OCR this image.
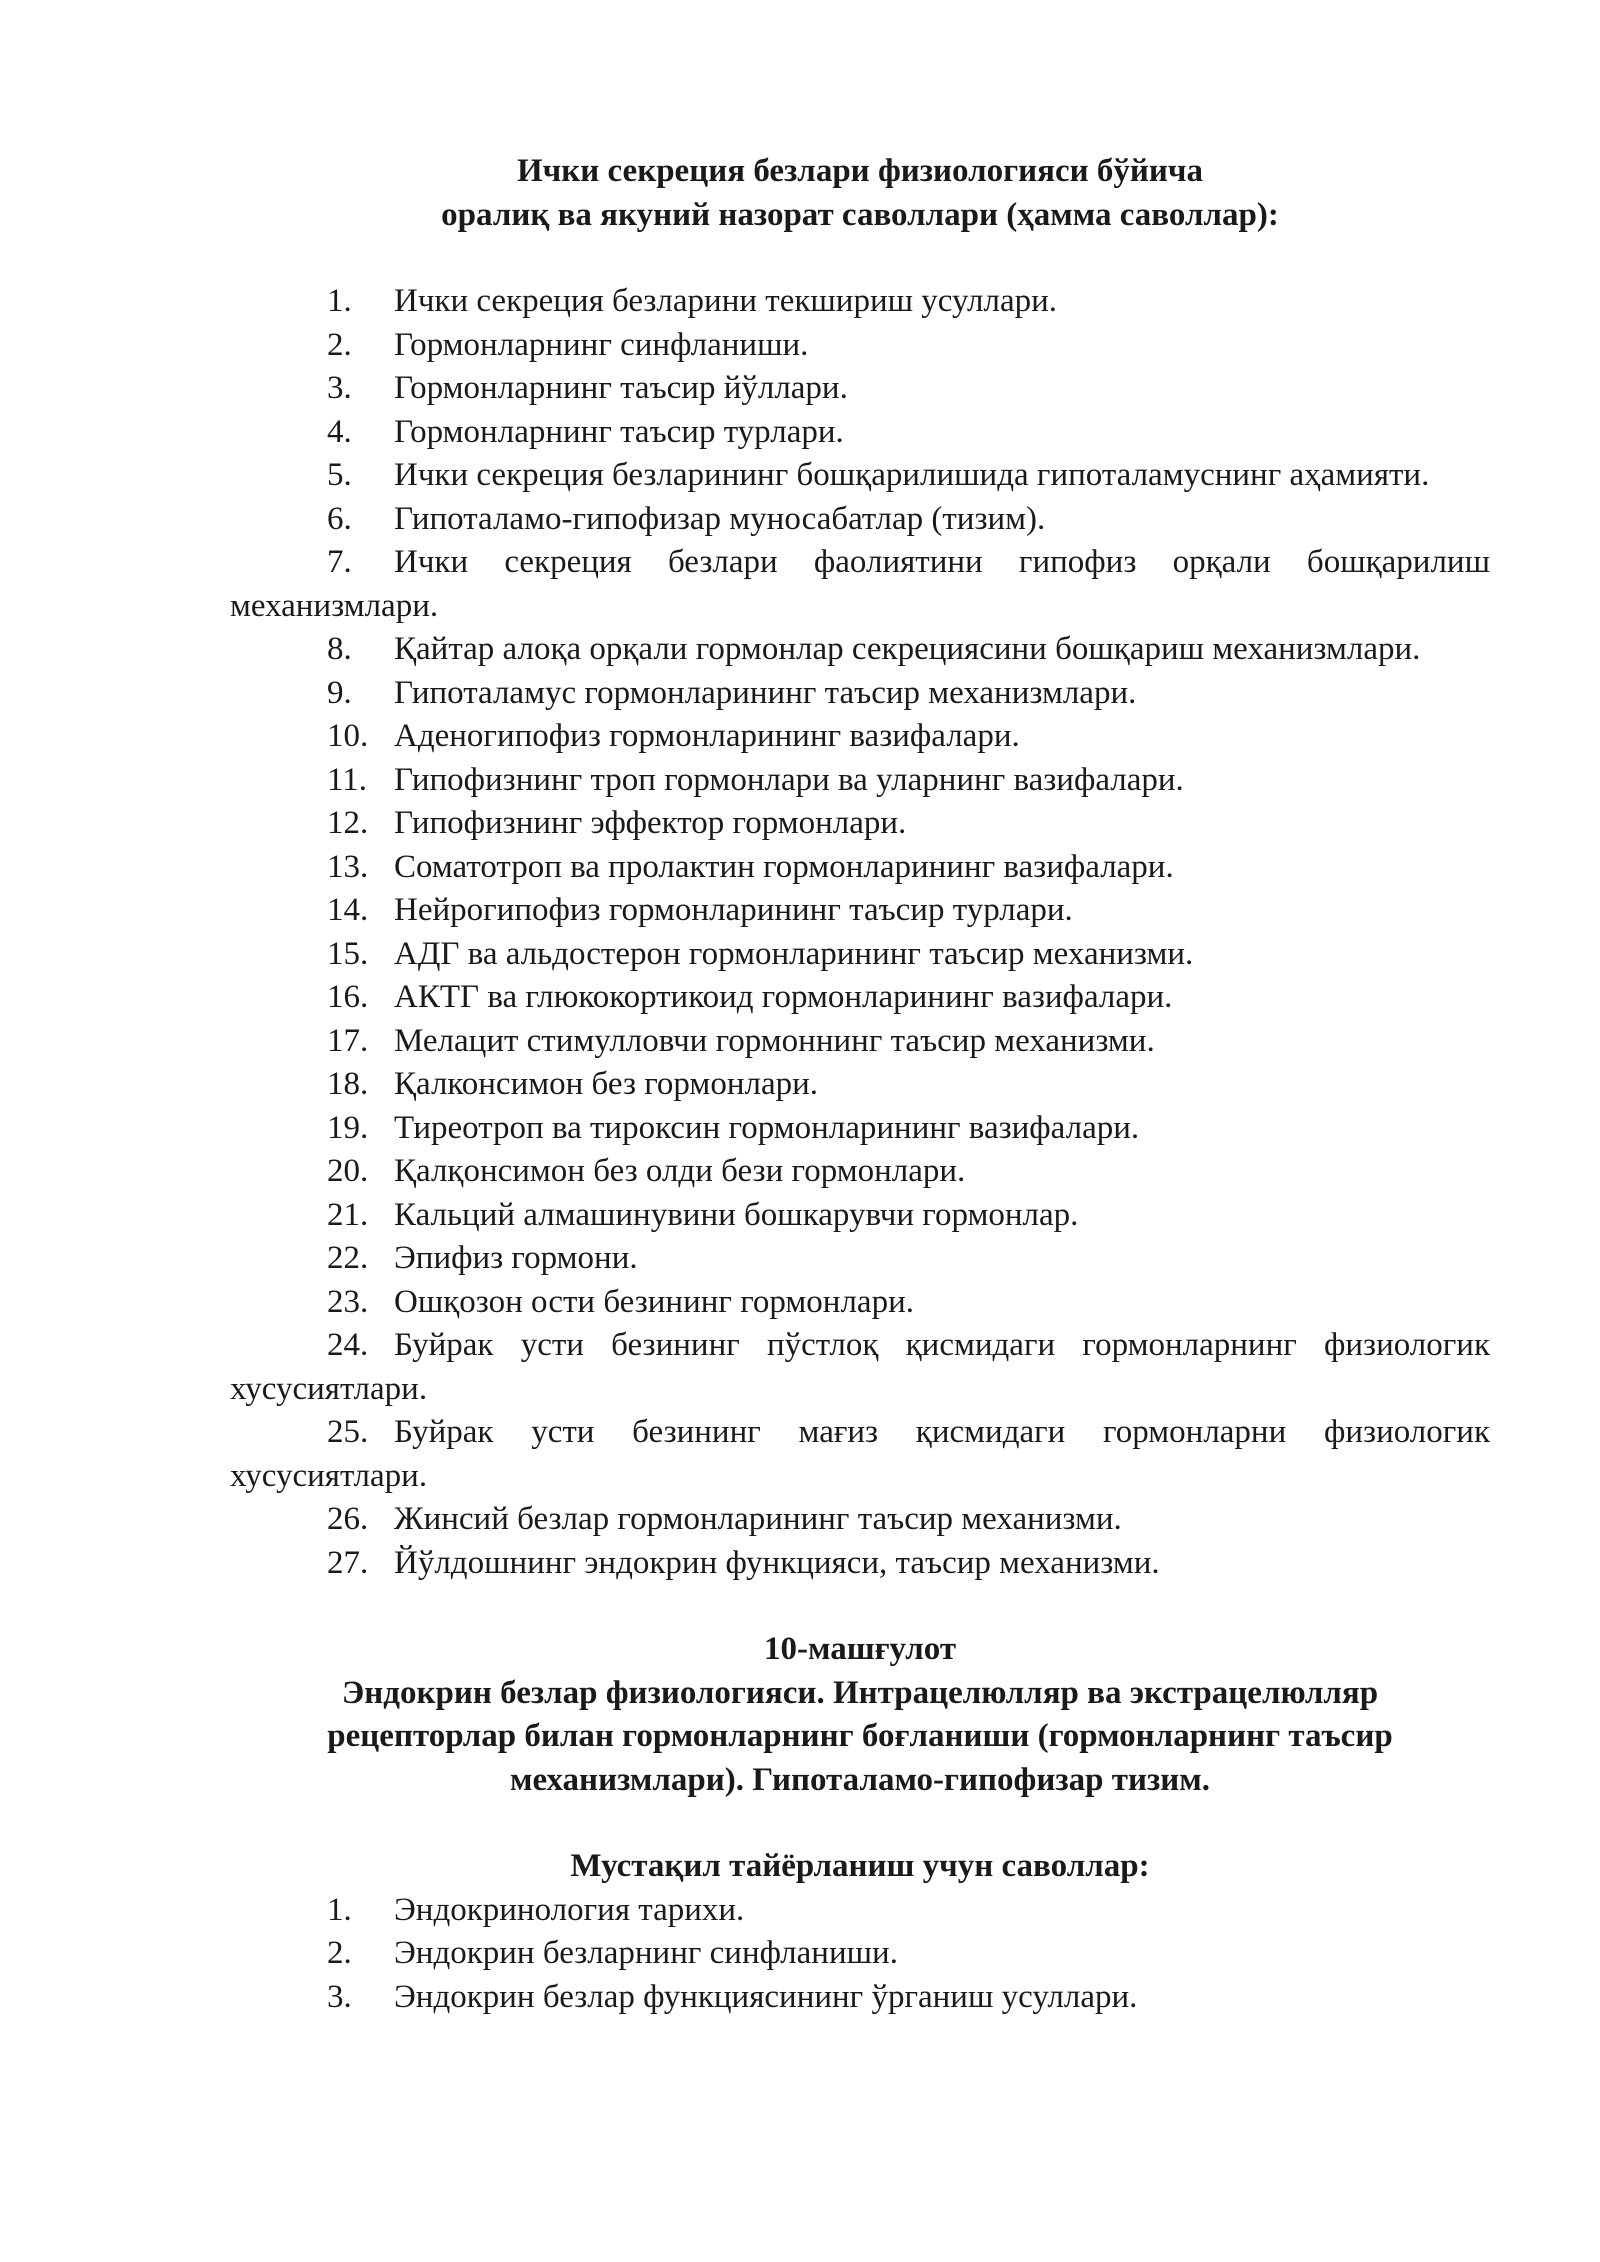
Ички секреция безлари физиологияси бўйича
оралиқ ва якуний назорат саволлари (ҳамма саволлар):
1. Ички секреция безларини текшириш усуллари.
2. Гормонларнинг синфланиши.
3. Гормонларнинг таъсир йўллари.
4. Гормонларнинг таъсир турлари.
5. Ички секреция безларининг бошқарилишида гипоталамуснинг аҳамияти.
6. Гипоталамо-гипофизар муносабатлар (тизим).
7. Ички секреция безлари фаолиятини гипофиз орқали бошқарилиш механизмлари.
8. Қайтар алоқа орқали гормонлар секрециясини бошқариш механизмлари.
9. Гипоталамус гормонларининг таъсир механизмлари.
10. Аденогипофиз гормонларининг вазифалари.
11. Гипофизнинг троп гормонлари ва уларнинг вазифалари.
12. Гипофизнинг эффектор гормонлари.
13. Соматотроп ва пролактин гормонларининг вазифалари.
14. Нейрогипофиз гормонларининг таъсир турлари.
15. АДГ ва альдостерон гормонларининг таъсир механизми.
16. АКТГ ва глюкокортикоид гормонларининг вазифалари.
17. Мелацит стимулловчи гормоннинг таъсир механизми.
18. Қалконсимон без гормонлари.
19. Тиреотроп ва тироксин гормонларининг вазифалари.
20. Қалқонсимон без олди бези гормонлари.
21. Кальций алмашинувини бошкарувчи гормонлар.
22. Эпифиз гормони.
23. Ошқозон ости безининг гормонлари.
24. Буйрак усти безининг пўстлоқ қисмидаги гормонларнинг физиологик хусусиятлари.
25. Буйрак усти безининг мағиз қисмидаги гормонларни физиологик хусусиятлари.
26. Жинсий безлар гормонларининг таъсир механизми.
27. Йўлдошнинг эндокрин функцияси, таъсир механизми.
10-машғулот
Эндокрин безлар физиологияси. Интрацелюлляр ва экстрацелюлляр
рецепторлар билан гормонларнинг боғланиши (гормонларнинг таъсир
механизмлари). Гипоталамо-гипофизар тизим.
Мустақил тайёрланиш учун саволлар:
1. Эндокринология тарихи.
2. Эндокрин безларнинг синфланиши.
3. Эндокрин безлар функциясининг ўрганиш усуллари.
